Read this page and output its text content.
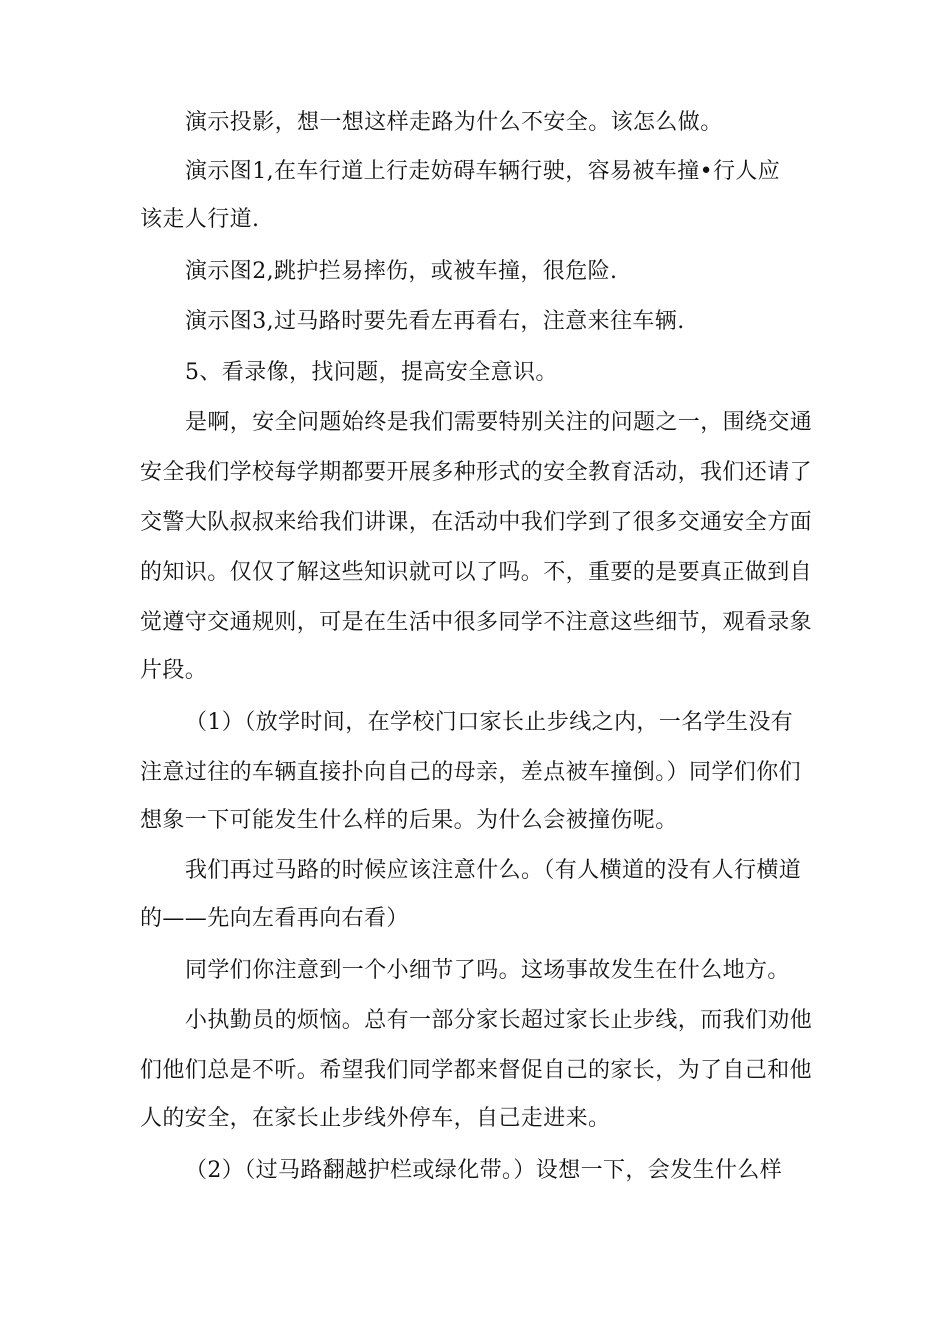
演示投影，想一想这样走路为什么不安全。该怎么做。
演示图1,在车行道上行走妨碍车辆行驶，容易被车撞•行人应
该走人行道.
演示图2,跳护拦易摔伤，或被车撞，很危险.
演示图3,过马路时要先看左再看右，注意来往车辆.
5、看录像，找问题，提高安全意识。
是啊，安全问题始终是我们需要特别关注的问题之一，围绕交通
安全我们学校每学期都要开展多种形式的安全教育活动，我们还请了
交警大队叔叔来给我们讲课，在活动中我们学到了很多交通安全方面
的知识。仅仅了解这些知识就可以了吗。不，重要的是要真正做到自
觉遵守交通规则，可是在生活中很多同学不注意这些细节，观看录象
片段。
（1）（放学时间，在学校门口家长止步线之内，一名学生没有
注意过往的车辆直接扑向自己的母亲，差点被车撞倒。）同学们你们
想象一下可能发生什么样的后果。为什么会被撞伤呢。
我们再过马路的时候应该注意什么。（有人横道的没有人行横道
的——先向左看再向右看）
同学们你注意到一个小细节了吗。这场事故发生在什么地方。
小执勤员的烦恼。总有一部分家长超过家长止步线，而我们劝他
们他们总是不听。希望我们同学都来督促自己的家长，为了自己和他
人的安全，在家长止步线外停车，自己走进来。
（2）（过马路翻越护栏或绿化带。）设想一下，会发生什么样
